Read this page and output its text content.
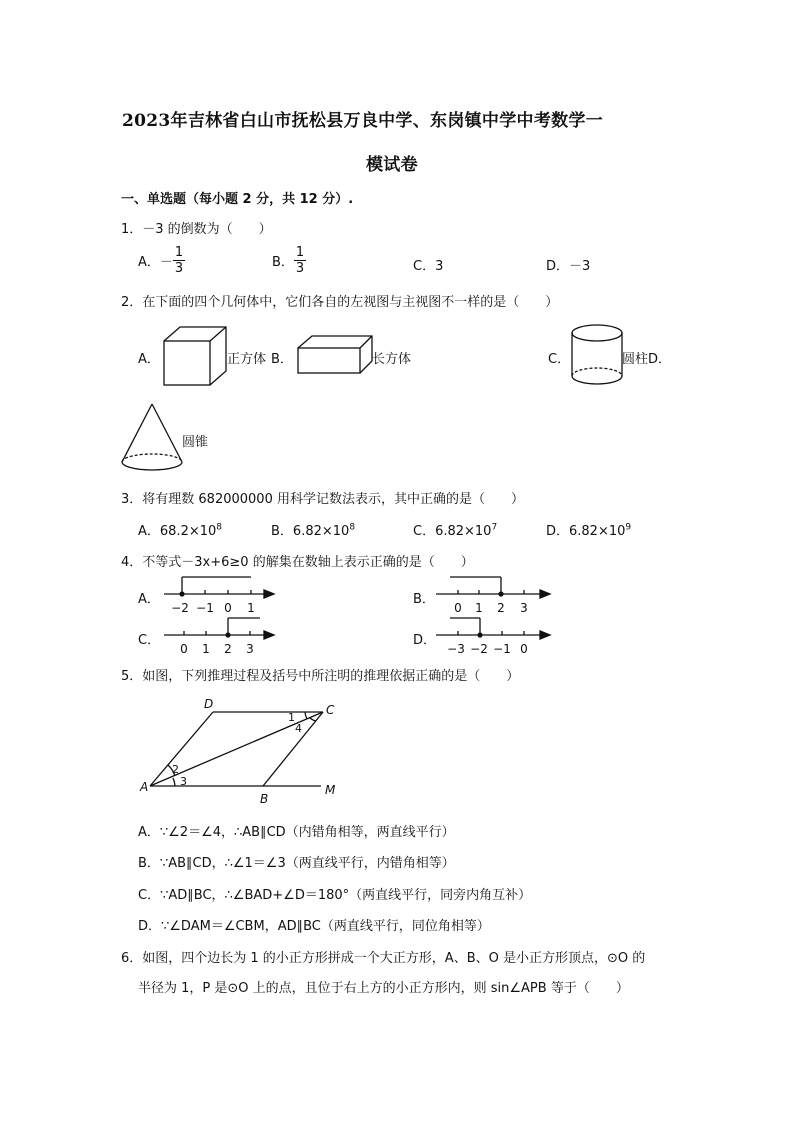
2023年吉林省白山市抚松县万良中学、东岗镇中学中考数学一
模试卷
一、单选题（每小题 2 分，共 12 分）.
1．－3 的倒数为（　　）
A．－ $\frac{1}{3}$	B． $\frac{1}{3}$	C．3	D．－3
2．在下面的四个几何体中，它们各自的左视图与主视图不一样的是（　　）
A．	正方体 B．	长方体	C．	圆柱D．
圆锥
3．将有理数 682000000 用科学记数法表示，其中正确的是（　　）
A．$68.2\times 10^8$	B．$6.82\times 10^8$	C．$6.82\times 10^7$	D．$6.82\times 10^9$
4．不等式－3x+6≥0 的解集在数轴上表示正确的是（　　）
A．
−2 −1 0 1
B．
0 1 2 3
C．
0 1 2 3
D．
−3 −2 −1 0
5．如图，下列推理过程及括号中所注明的推理依据正确的是（　　）
D	C
A
B
M
1
2
3
4
A．∵∠2＝∠4，∴AB∥CD（内错角相等，两直线平行）
B．∵AB∥CD，∴∠1＝∠3（两直线平行，内错角相等）
C．∵AD∥BC，∴∠BAD+∠D＝180°（两直线平行，同旁内角互补）
D．∵∠DAM＝∠CBM，AD∥BC（两直线平行，同位角相等）
6．如图，四个边长为 1 的小正方形拼成一个大正方形，A、B、O 是小正方形顶点，⊙O 的
半径为 1，P 是⊙O 上的点，且位于右上方的小正方形内，则 sin∠APB 等于（　　）
